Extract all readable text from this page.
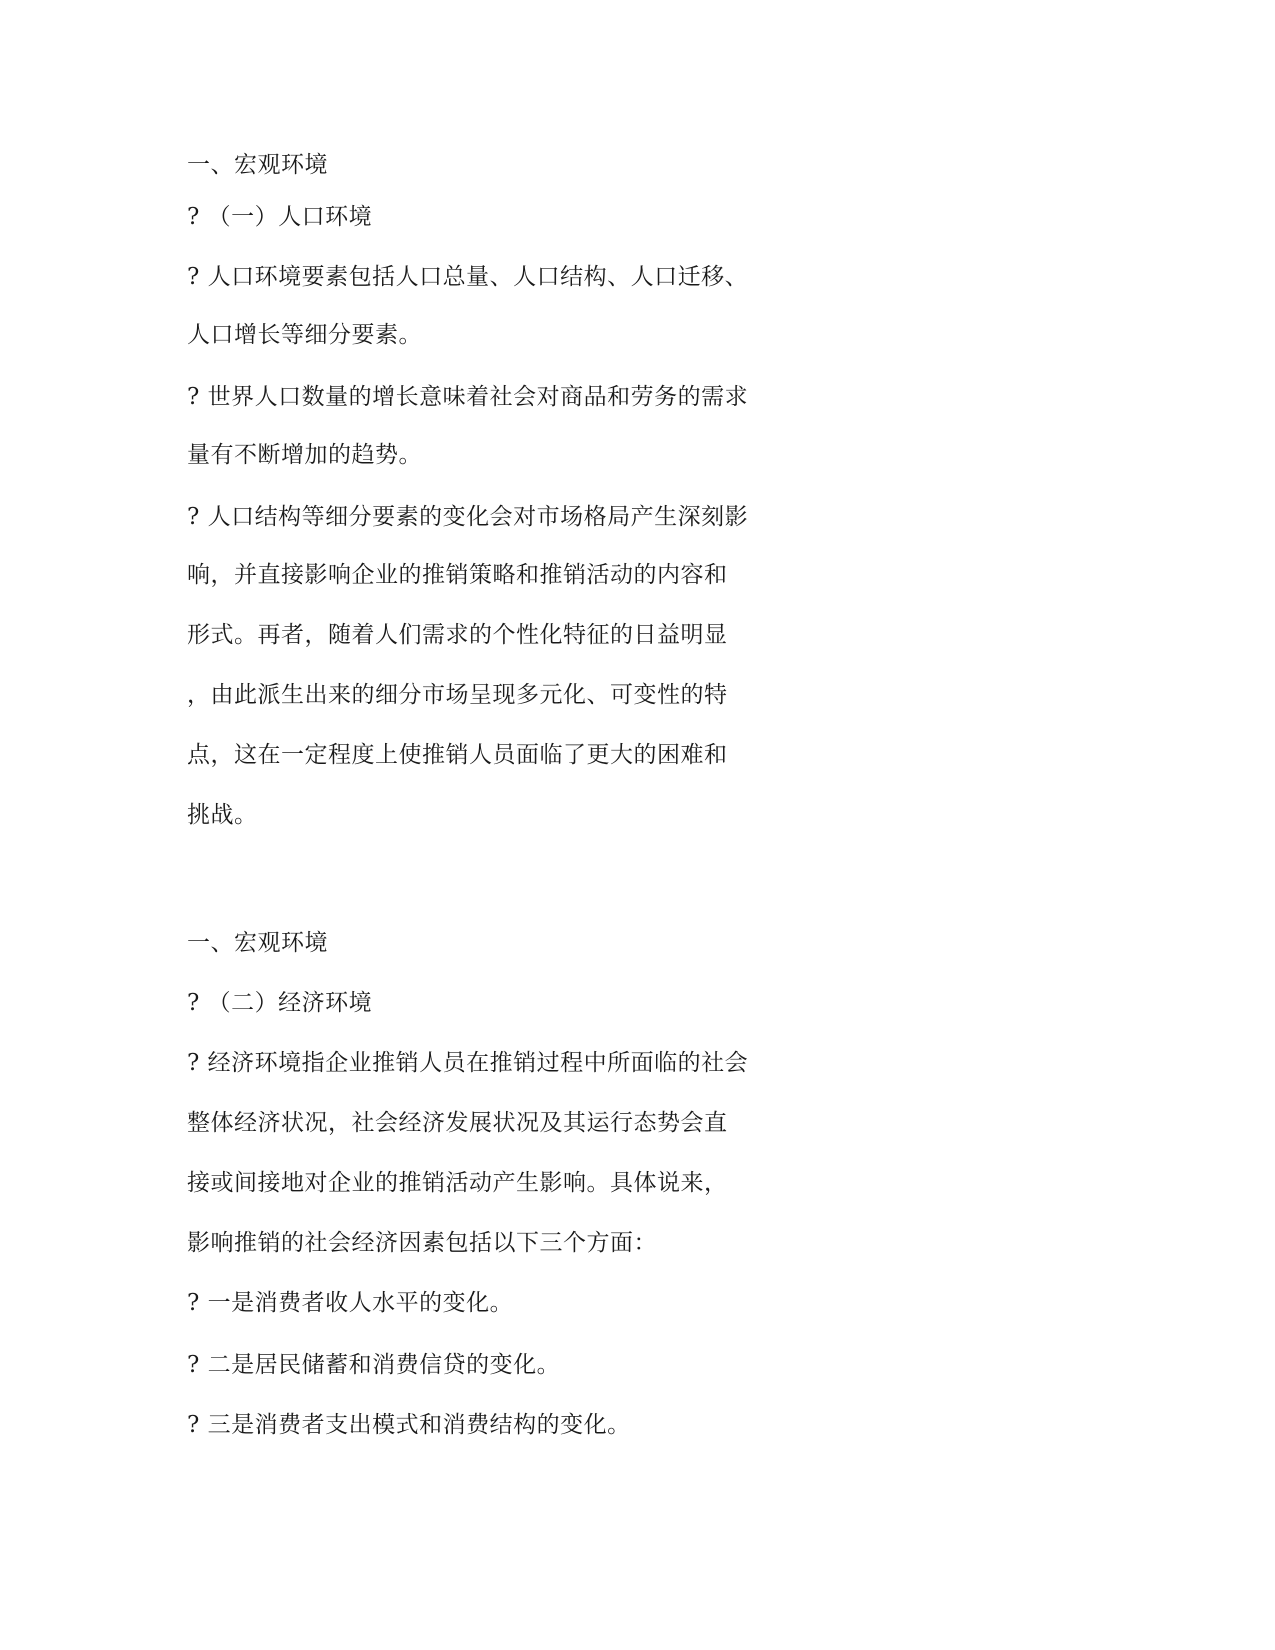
一、宏观环境
? （一）人口环境
? 人口环境要素包括人口总量、人口结构、人口迁移、
人口增长等细分要素。
? 世界人口数量的增长意味着社会对商品和劳务的需求
量有不断增加的趋势。
? 人口结构等细分要素的变化会对市场格局产生深刻影
响，并直接影响企业的推销策略和推销活动的内容和
形式。再者，随着人们需求的个性化特征的日益明显
，由此派生出来的细分市场呈现多元化、可变性的特
点，这在一定程度上使推销人员面临了更大的困难和
挑战。
一、宏观环境
? （二）经济环境
? 经济环境指企业推销人员在推销过程中所面临的社会
整体经济状况，社会经济发展状况及其运行态势会直
接或间接地对企业的推销活动产生影响。具体说来，
影响推销的社会经济因素包括以下三个方面：
? 一是消费者收人水平的变化。
? 二是居民储蓄和消费信贷的变化。
? 三是消费者支出模式和消费结构的变化。
